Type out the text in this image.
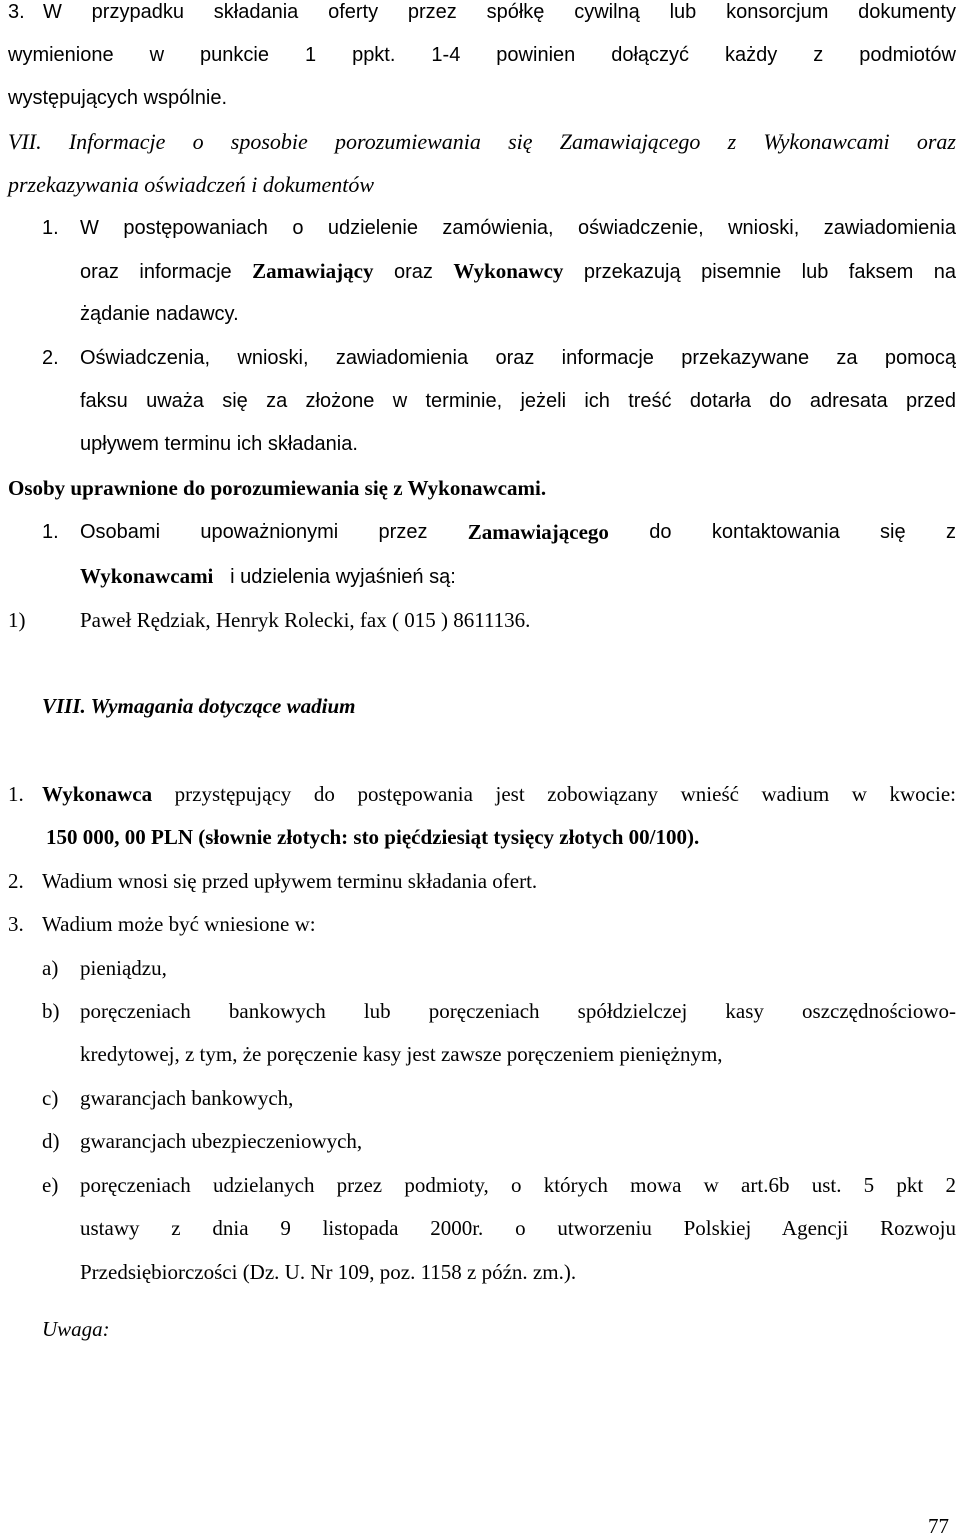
3. W przypadku składania oferty przez spółkę cywilną lub konsorcjum dokumenty
wymienione w punkcie 1 ppkt. 1-4 powinien dołączyć każdy z podmiotów
występujących wspólnie.
VII. Informacje o sposobie porozumiewania się Zamawiającego z Wykonawcami oraz
przekazywania oświadczeń i dokumentów
1. W postępowaniach o udzielenie zamówienia, oświadczenie, wnioski, zawiadomienia
oraz informacje Zamawiający oraz Wykonawcy przekazują pisemnie lub faksem na
żądanie nadawcy.
2. Oświadczenia, wnioski, zawiadomienia oraz informacje przekazywane za pomocą
faksu uważa się za złożone w terminie, jeżeli ich treść dotarła do adresata przed
upływem terminu ich składania.
Osoby uprawnione do porozumiewania się z Wykonawcami.
1. Osobami upoważnionymi przez Zamawiającego do kontaktowania się z
Wykonawcami i udzielenia wyjaśnień są:
1)	Paweł Rędziak, Henryk Rolecki, fax ( 015 ) 8611136.
VIII. Wymagania dotyczące wadium
1. Wykonawca przystępujący do postępowania jest zobowiązany wnieść wadium w kwocie:
150 000, 00 PLN (słownie złotych: sto pięćdziesiąt tysięcy złotych 00/100).
2. Wadium wnosi się przed upływem terminu składania ofert.
3. Wadium może być wniesione w:
a) pieniądzu,
b) poręczeniach bankowych lub poręczeniach spółdzielczej kasy oszczędnościowo-
kredytowej, z tym, że poręczenie kasy jest zawsze poręczeniem pieniężnym,
c) gwarancjach bankowych,
d) gwarancjach ubezpieczeniowych,
e) poręczeniach udzielanych przez podmioty, o których mowa w art.6b ust. 5 pkt 2
ustawy z dnia 9 listopada 2000r. o utworzeniu Polskiej Agencji Rozwoju
Przedsiębiorczości (Dz. U. Nr 109, poz. 1158 z późn. zm.).
Uwaga:
77
